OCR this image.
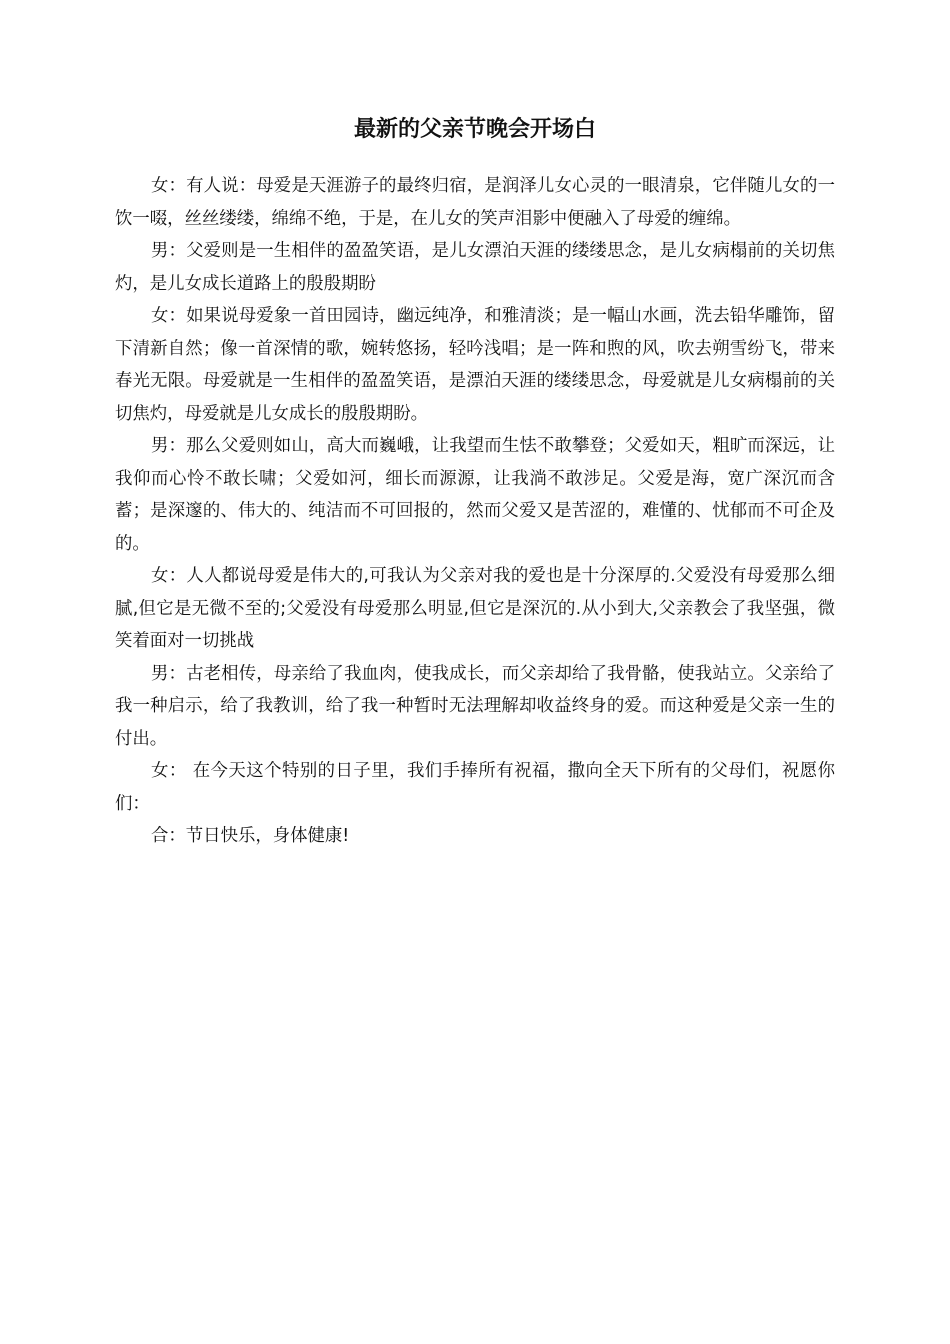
最新的父亲节晚会开场白

女：有人说：母爱是天涯游子的最终归宿，是润泽儿女心灵的一眼清泉，它伴随儿女的一饮一啜，丝丝缕缕，绵绵不绝，于是，在儿女的笑声泪影中便融入了母爱的缠绵。

男：父爱则是一生相伴的盈盈笑语，是儿女漂泊天涯的缕缕思念，是儿女病榻前的关切焦灼，是儿女成长道路上的殷殷期盼

女：如果说母爱象一首田园诗，幽远纯净，和雅清淡；是一幅山水画，洗去铅华雕饰，留下清新自然；像一首深情的歌，婉转悠扬，轻吟浅唱；是一阵和煦的风，吹去朔雪纷飞，带来春光无限。母爱就是一生相伴的盈盈笑语，是漂泊天涯的缕缕思念，母爱就是儿女病榻前的关切焦灼，母爱就是儿女成长的殷殷期盼。

男：那么父爱则如山，高大而巍峨，让我望而生怯不敢攀登；父爱如天，粗旷而深远，让我仰而心怜不敢长啸；父爱如河，细长而源源，让我淌不敢涉足。父爱是海，宽广深沉而含蓄；是深邃的、伟大的、纯洁而不可回报的，然而父爱又是苦涩的，难懂的、忧郁而不可企及的。

女：人人都说母爱是伟大的,可我认为父亲对我的爱也是十分深厚的.父爱没有母爱那么细腻,但它是无微不至的;父爱没有母爱那么明显,但它是深沉的.从小到大,父亲教会了我坚强，微笑着面对一切挑战

男：古老相传，母亲给了我血肉，使我成长，而父亲却给了我骨骼，使我站立。父亲给了我一种启示，给了我教训，给了我一种暂时无法理解却收益终身的爱。而这种爱是父亲一生的付出。

女： 在今天这个特别的日子里，我们手捧所有祝福，撒向全天下所有的父母们，祝愿你们：

合：节日快乐，身体健康!
